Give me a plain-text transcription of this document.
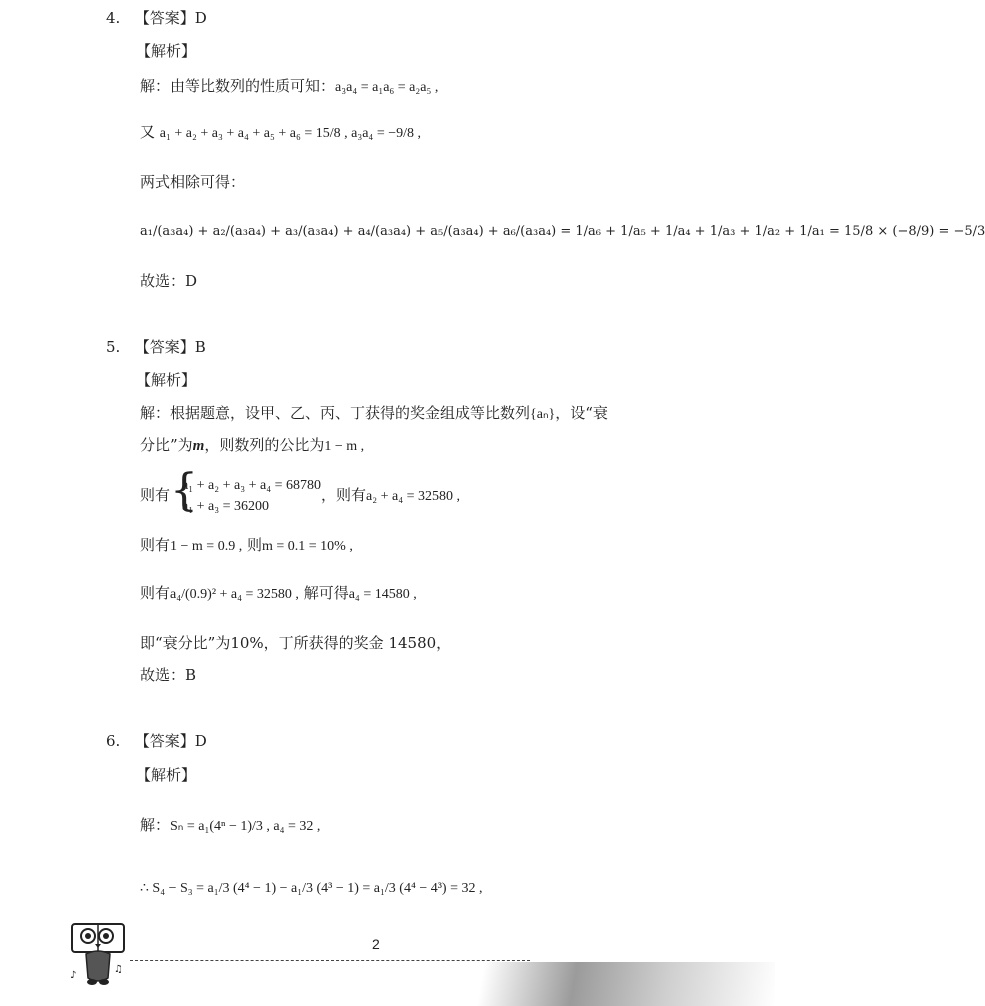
4. 【答案】D
【解析】
解：由等比数列的性质可知：a₃a₄ = a₁a₆ = a₂a₅ ,
又 a₁ + a₂ + a₃ + a₄ + a₅ + a₆ = 15/8 , a₃a₄ = −9/8 ,
两式相除可得：
a₁/(a₃a₄) + a₂/(a₃a₄) + a₃/(a₃a₄) + a₄/(a₃a₄) + a₅/(a₃a₄) + a₆/(a₃a₄) = 1/a₆ + 1/a₅ + 1/a₄ + 1/a₃ + 1/a₂ + 1/a₁ = 15/8 × (−8/9) = −5/3
故选：D
5. 【答案】B
【解析】
解：根据题意，设甲、乙、丙、丁获得的奖金组成等比数列{aₙ}，设“衰
分比”为m，则数列的公比为1 − m ,
则有 {
a₁ + a₂ + a₃ + a₄ = 68780
a₁ + a₃ = 36200
，则有a₂ + a₄ = 32580 ,
则有1 − m = 0.9 , 则m = 0.1 = 10% ,
则有a₄/(0.9)² + a₄ = 32580 , 解可得a₄ = 14580 ,
即“衰分比”为10%，丁所获得的奖金 14580，
故选：B
6. 【答案】D
【解析】
解：Sₙ = a₁(4ⁿ − 1)/3 , a₄ = 32 ,
∴ S₄ − S₃ = a₁/3 (4⁴ − 1) − a₁/3 (4³ − 1) = a₁/3 (4⁴ − 4³) = 32 ,
♪
♫
2
